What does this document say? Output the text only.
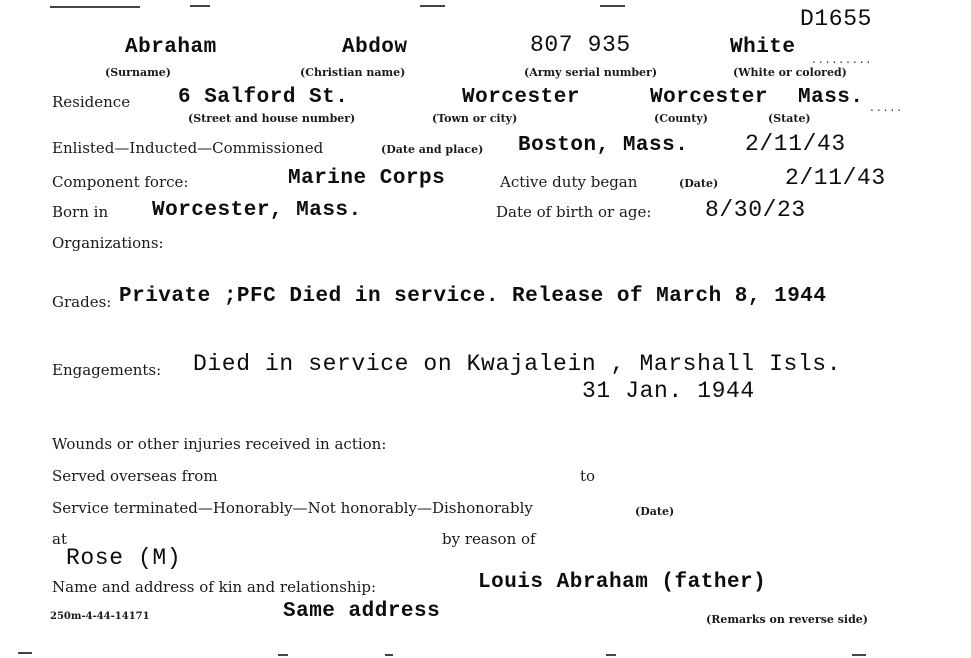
D1655
Abraham	Abdow	807 935	White .........
(Surname)	(Christian name)	(Army serial number)	(White or colored)
Residence 6 Salford St.	Worcester	Worcester Mass. .....
(Street and house number)	(Town or city)	(County)	(State)
Enlisted—Inducted—Commissioned	(Date and place) Boston, Mass. 2/11/43
Component force:	Marine Corps	Active duty began	(Date)	2/11/43
Born in Worcester, Mass.	Date of birth or age: 8/30/23
Organizations:
Grades: Private ;PFC Died in service. Release of March 8, 1944
Engagements: Died in service on Kwajalein , Marshall Isls.
31 Jan. 1944
Wounds or other injuries received in action:
Served overseas from	to
Service terminated—Honorably—Not honorably—Dishonorably	(Date)
at	by reason of
Rose (M)
Name and address of kin and relationship:	Louis Abraham (father)
250m-4-44-14171	Same address	(Remarks on reverse side)
